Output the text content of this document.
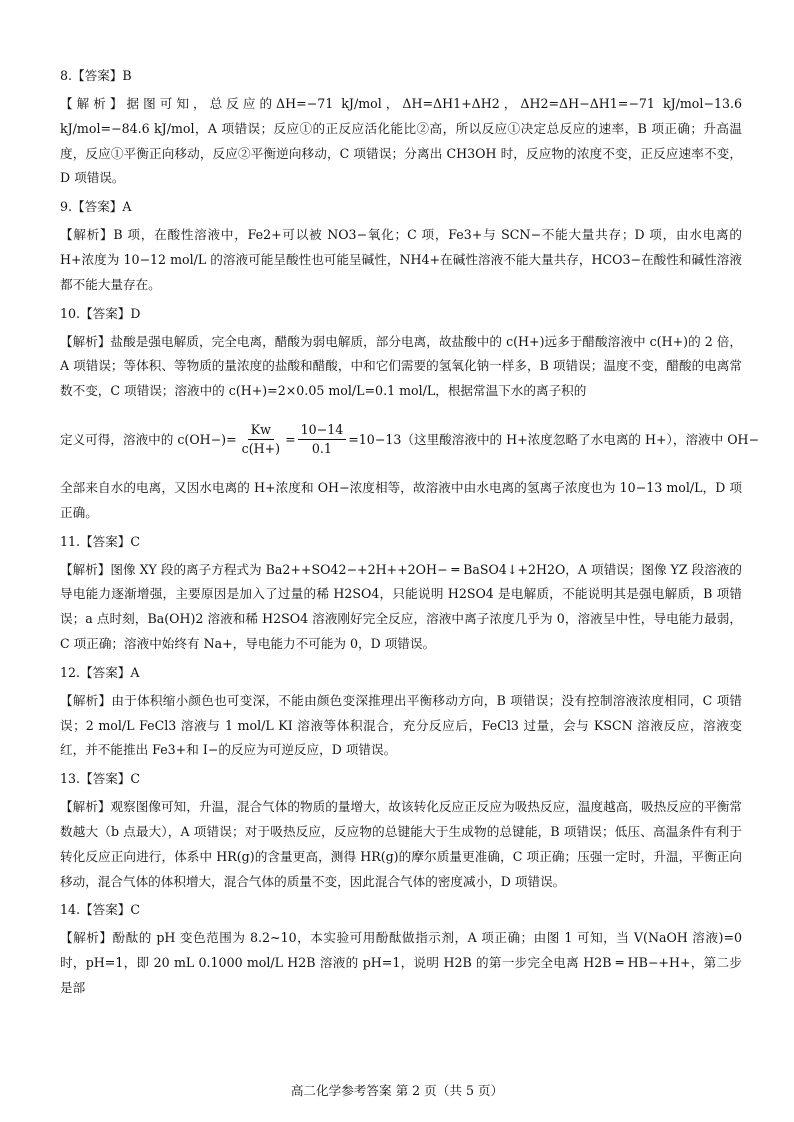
8.【答案】B
【解析】据图可知，总反应的ΔH=−71 kJ/mol，ΔH=ΔH1+ΔH2，ΔH2=ΔH−ΔH1=−71 kJ/mol−13.6 kJ/mol=−84.6 kJ/mol，A 项错误；反应①的正反应活化能比②高，所以反应①决定总反应的速率，B 项正确；升高温度，反应①平衡正向移动，反应②平衡逆向移动，C 项错误；分离出 CH3OH 时，反应物的浓度不变，正反应速率不变，D 项错误。
9.【答案】A
【解析】B 项，在酸性溶液中，Fe2+可以被 NO3−氧化；C 项，Fe3+与 SCN−不能大量共存；D 项，由水电离的 H+浓度为 10−12 mol/L 的溶液可能呈酸性也可能呈碱性，NH4+在碱性溶液不能大量共存，HCO3−在酸性和碱性溶液都不能大量存在。
10.【答案】D
【解析】盐酸是强电解质，完全电离，醋酸为弱电解质，部分电离，故盐酸中的 c(H+)远多于醋酸溶液中 c(H+)的 2 倍，A 项错误；等体积、等物质的量浓度的盐酸和醋酸，中和它们需要的氢氧化钠一样多，B 项错误；温度不变，醋酸的电离常数不变，C 项错误；溶液中的 c(H+)=2×0.05 mol/L=0.1 mol/L，根据常温下水的离子积的
定义可得，溶液中的 $c(OH-)= \frac{Kw}{c(H+)} = \frac{10-14}{0.1} =10-13$（这里酸溶液中的 H+浓度忽略了水电离的 H+），溶液中 OH−
全部来自水的电离，又因水电离的 H+浓度和 OH−浓度相等，故溶液中由水电离的氢离子浓度也为 10−13 mol/L，D 项正确。
11.【答案】C
【解析】图像 XY 段的离子方程式为 Ba2++SO42−+2H++2OH− ═ BaSO4↓+2H2O，A 项错误；图像 YZ 段溶液的导电能力逐渐增强，主要原因是加入了过量的稀 H2SO4，只能说明 H2SO4 是电解质，不能说明其是强电解质，B 项错误；a 点时刻，Ba(OH)2 溶液和稀 H2SO4 溶液刚好完全反应，溶液中离子浓度几乎为 0，溶液呈中性，导电能力最弱，C 项正确；溶液中始终有 Na+，导电能力不可能为 0，D 项错误。
12.【答案】A
【解析】由于体积缩小颜色也可变深，不能由颜色变深推理出平衡移动方向，B 项错误；没有控制溶液浓度相同，C 项错误；2 mol/L FeCl3 溶液与 1 mol/L KI 溶液等体积混合，充分反应后，FeCl3 过量，会与 KSCN 溶液反应，溶液变红，并不能推出 Fe3+和 I−的反应为可逆反应，D 项错误。
13.【答案】C
【解析】观察图像可知，升温，混合气体的物质的量增大，故该转化反应正反应为吸热反应，温度越高，吸热反应的平衡常数越大（b 点最大），A 项错误；对于吸热反应，反应物的总键能大于生成物的总键能，B 项错误；低压、高温条件有利于转化反应正向进行，体系中 HR(g)的含量更高，测得 HR(g)的摩尔质量更准确，C 项正确；压强一定时，升温，平衡正向移动，混合气体的体积增大，混合气体的质量不变，因此混合气体的密度减小，D 项错误。
14.【答案】C
【解析】酚酞的 pH 变色范围为 8.2~10，本实验可用酚酞做指示剂，A 项正确；由图 1 可知，当 V(NaOH 溶液)=0 时，pH=1，即 20 mL 0.1000 mol/L H2B 溶液的 pH=1，说明 H2B 的第一步完全电离 H2B ═ HB−+H+，第二步是部
高二化学参考答案 第 2 页（共 5 页）
